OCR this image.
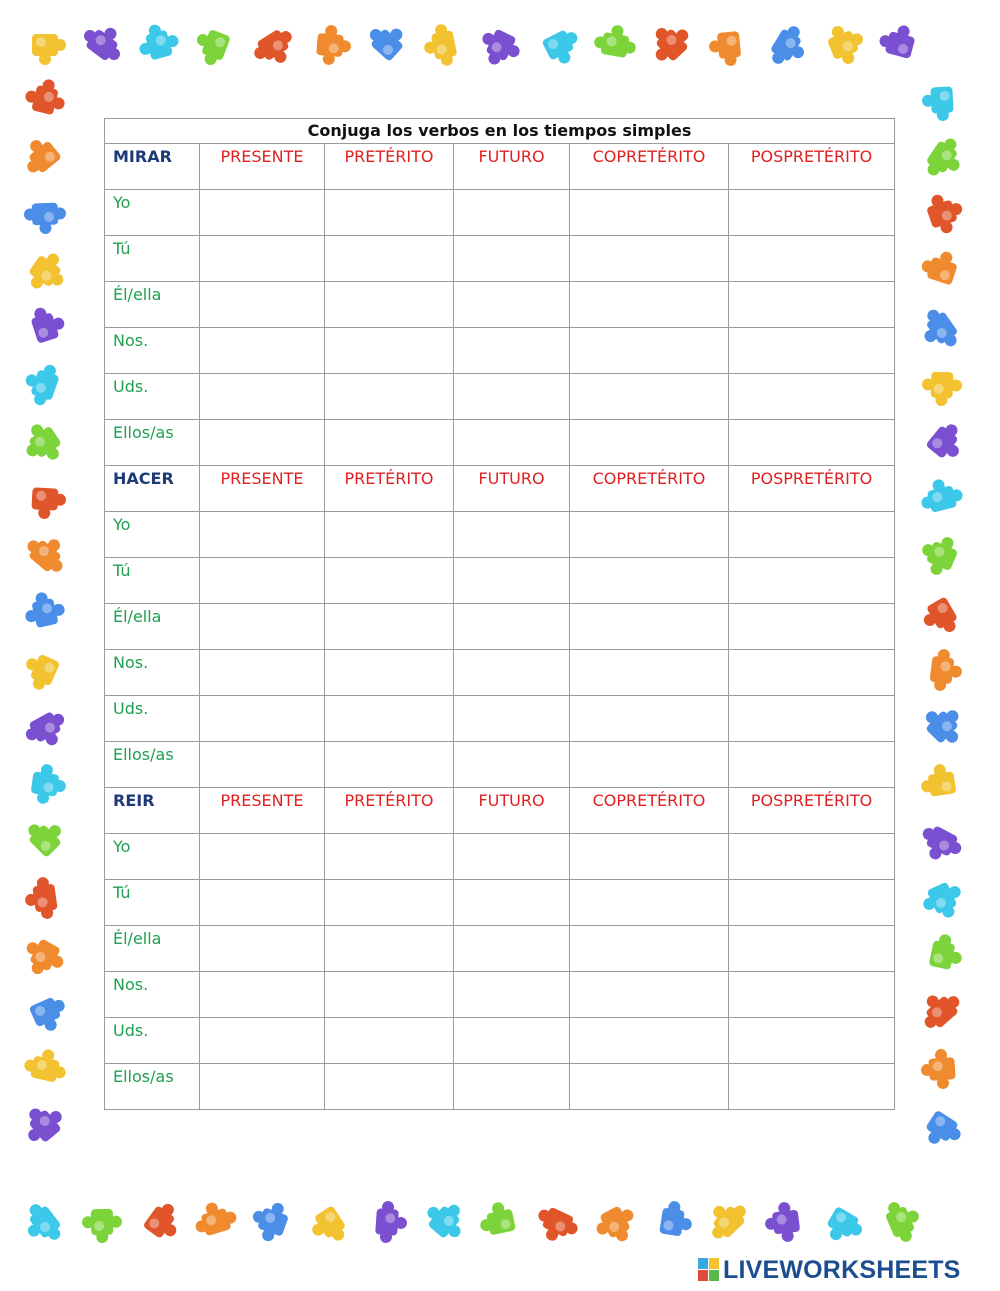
Conjuga los verbos en los tiempos simples					
MIRAR	PRESENTE	PRETÉRITO	FUTURO	COPRETÉRITO	POSPRETÉRITO
Yo					
Tú					
Él/ella					
Nos.					
Uds.					
Ellos/as					
HACER	PRESENTE	PRETÉRITO	FUTURO	COPRETÉRITO	POSPRETÉRITO
Yo					
Tú					
Él/ella					
Nos.					
Uds.					
Ellos/as					
REIR	PRESENTE	PRETÉRITO	FUTURO	COPRETÉRITO	POSPRETÉRITO
Yo					
Tú					
Él/ella					
Nos.					
Uds.					
Ellos/as					
LIVEWORKSHEETS
